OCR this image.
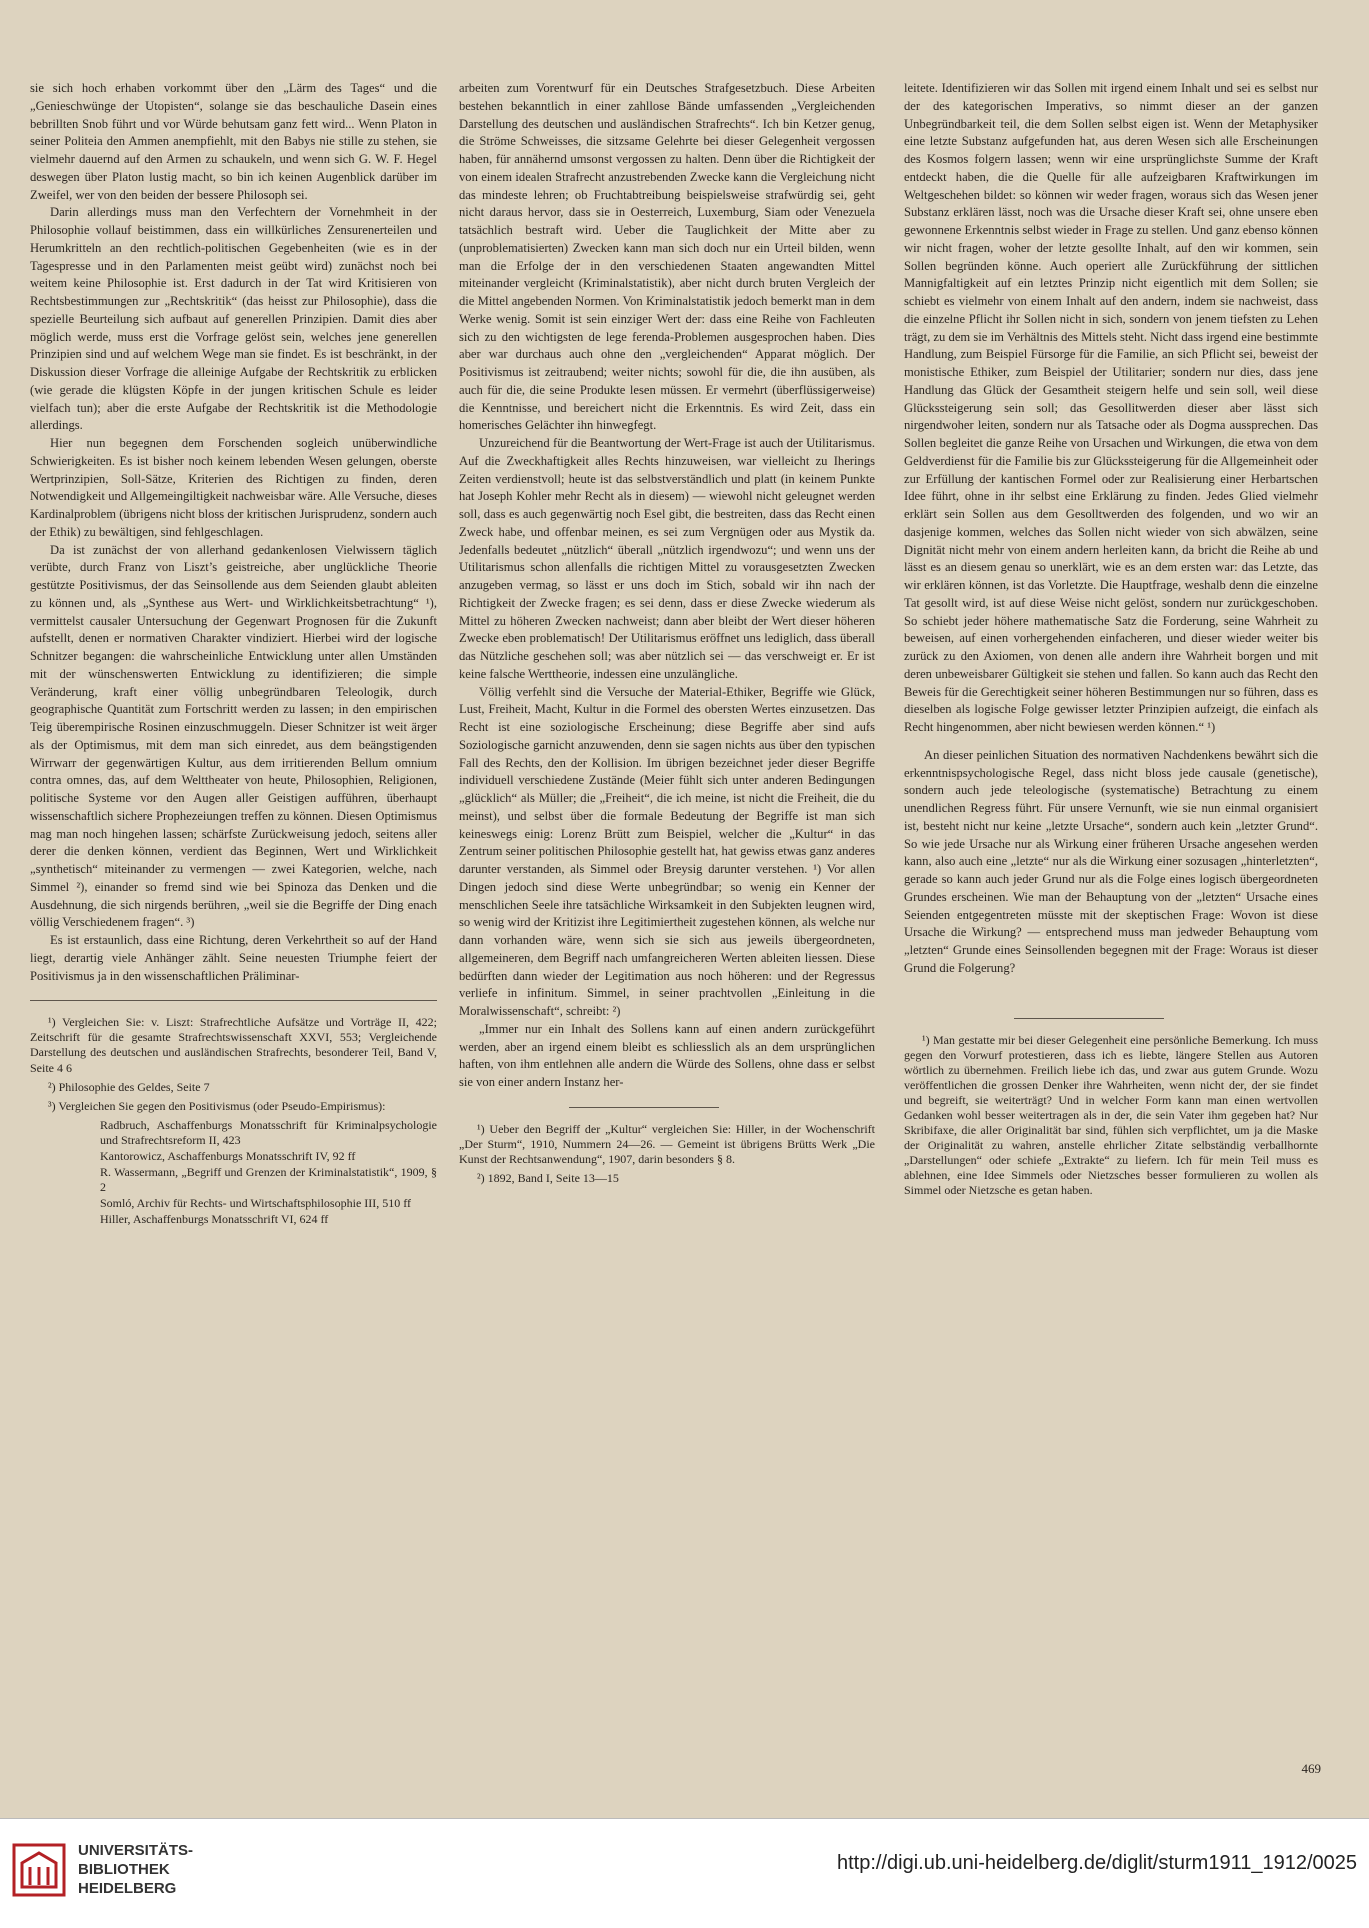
sie sich hoch erhaben vorkommt über den „Lärm des Tages“ und die „Genieschwünge der Utopisten“, solange sie das beschauliche Dasein eines bebrillten Snob führt und vor Würde behutsam ganz fett wird... Wenn Platon in seiner Politeia den Ammen anempfiehlt, mit den Babys nie stille zu stehen, sie vielmehr dauernd auf den Armen zu schaukeln, und wenn sich G. W. F. Hegel deswegen über Platon lustig macht, so bin ich keinen Augenblick darüber im Zweifel, wer von den beiden der bessere Philosoph sei.

Darin allerdings muss man den Verfechtern der Vornehmheit in der Philosophie vollauf beistimmen, dass ein willkürliches Zensurenerteilen und Herumkritteln an den rechtlich-politischen Gegebenheiten (wie es in der Tagespresse und in den Parlamenten meist geübt wird) zunächst noch bei weitem keine Philosophie ist. Erst dadurch in der Tat wird Kritisieren von Rechtsbestimmungen zur „Rechtskritik“ (das heisst zur Philosophie), dass die spezielle Beurteilung sich aufbaut auf generellen Prinzipien. Damit dies aber möglich werde, muss erst die Vorfrage gelöst sein, welches jene generellen Prinzipien sind und auf welchem Wege man sie findet. Es ist beschränkt, in der Diskussion dieser Vorfrage die alleinige Aufgabe der Rechtskritik zu erblicken (wie gerade die klügsten Köpfe in der jungen kritischen Schule es leider vielfach tun); aber die erste Aufgabe der Rechtskritik ist die Methodologie allerdings.

Hier nun begegnen dem Forschenden sogleich unüberwindliche Schwierigkeiten. Es ist bisher noch keinem lebenden Wesen gelungen, oberste Wertprinzipien, Soll-Sätze, Kriterien des Richtigen zu finden, deren Notwendigkeit und Allgemeingiltigkeit nachweisbar wäre. Alle Versuche, dieses Kardinalproblem (übrigens nicht bloss der kritischen Jurisprudenz, sondern auch der Ethik) zu bewältigen, sind fehlgeschlagen.

Da ist zunächst der von allerhand gedankenlosen Vielwissern täglich verübte, durch Franz von Liszt’s geistreiche, aber unglückliche Theorie gestützte Positivismus, der das Seinsollende aus dem Seienden glaubt ableiten zu können und, als „Synthese aus Wert- und Wirklichkeitsbetrachtung“ ¹), vermittelst causaler Untersuchung der Gegenwart Prognosen für die Zukunft aufstellt, denen er normativen Charakter vindiziert. Hierbei wird der logische Schnitzer begangen: die wahrscheinliche Entwicklung unter allen Umständen mit der wünschenswerten Entwicklung zu identifizieren; die simple Veränderung, kraft einer völlig unbegründbaren Teleologik, durch geographische Quantität zum Fortschritt werden zu lassen; in den empirischen Teig überempirische Rosinen einzuschmuggeln. Dieser Schnitzer ist weit ärger als der Optimismus, mit dem man sich einredet, aus dem beängstigenden Wirrwarr der gegenwärtigen Kultur, aus dem irritierenden Bellum omnium contra omnes, das, auf dem Welttheater von heute, Philosophien, Religionen, politische Systeme vor den Augen aller Geistigen aufführen, überhaupt wissenschaftlich sichere Prophezeiungen treffen zu können. Diesen Optimismus mag man noch hingehen lassen; schärfste Zurückweisung jedoch, seitens aller derer die denken können, verdient das Beginnen, Wert und Wirklichkeit „synthetisch“ miteinander zu vermengen — zwei Kategorien, welche, nach Simmel ²), einander so fremd sind wie bei Spinoza das Denken und die Ausdehnung, die sich nirgends berühren, „weil sie die Begriffe der Ding enach völlig Verschiedenem fragen“. ³)

Es ist erstaunlich, dass eine Richtung, deren Verkehrtheit so auf der Hand liegt, derartig viele Anhänger zählt. Seine neuesten Triumphe feiert der Positivismus ja in den wissenschaftlichen Präliminar-

¹) Vergleichen Sie: v. Liszt: Strafrechtliche Aufsätze und Vorträge II, 422; Zeitschrift für die gesamte Strafrechtswissenschaft XXVI, 553; Vergleichende Darstellung des deutschen und ausländischen Strafrechts, besonderer Teil, Band V, Seite 4 6

²) Philosophie des Geldes, Seite 7

³) Vergleichen Sie gegen den Positivismus (oder Pseudo-Empirismus):

Radbruch, Aschaffenburgs Monatsschrift für Kriminalpsychologie und Strafrechtsreform II, 423

Kantorowicz, Aschaffenburgs Monatsschrift IV, 92 ff

R. Wassermann, „Begriff und Grenzen der Kriminalstatistik“, 1909, § 2

Somló, Archiv für Rechts- und Wirtschaftsphilosophie III, 510 ff

Hiller, Aschaffenburgs Monatsschrift VI, 624 ff

arbeiten zum Vorentwurf für ein Deutsches Strafgesetzbuch. Diese Arbeiten bestehen bekanntlich in einer zahllose Bände umfassenden „Vergleichenden Darstellung des deutschen und ausländischen Strafrechts“. Ich bin Ketzer genug, die Ströme Schweisses, die sitzsame Gelehrte bei dieser Gelegenheit vergossen haben, für annähernd umsonst vergossen zu halten. Denn über die Richtigkeit der von einem idealen Strafrecht anzustrebenden Zwecke kann die Vergleichung nicht das mindeste lehren; ob Fruchtabtreibung beispielsweise strafwürdig sei, geht nicht daraus hervor, dass sie in Oesterreich, Luxemburg, Siam oder Venezuela tatsächlich bestraft wird. Ueber die Tauglichkeit der Mitte aber zu (unproblematisierten) Zwecken kann man sich doch nur ein Urteil bilden, wenn man die Erfolge der in den verschiedenen Staaten angewandten Mittel miteinander vergleicht (Kriminalstatistik), aber nicht durch bruten Vergleich der die Mittel angebenden Normen. Von Kriminalstatistik jedoch bemerkt man in dem Werke wenig. Somit ist sein einziger Wert der: dass eine Reihe von Fachleuten sich zu den wichtigsten de lege ferenda-Problemen ausgesprochen haben. Dies aber war durchaus auch ohne den „vergleichenden“ Apparat möglich. Der Positivismus ist zeitraubend; weiter nichts; sowohl für die, die ihn ausüben, als auch für die, die seine Produkte lesen müssen. Er vermehrt (überflüssigerweise) die Kenntnisse, und bereichert nicht die Erkenntnis. Es wird Zeit, dass ein homerisches Gelächter ihn hinwegfegt.

Unzureichend für die Beantwortung der Wert-Frage ist auch der Utilitarismus. Auf die Zweckhaftigkeit alles Rechts hinzuweisen, war vielleicht zu Iherings Zeiten verdienstvoll; heute ist das selbstverständlich und platt (in keinem Punkte hat Joseph Kohler mehr Recht als in diesem) — wiewohl nicht geleugnet werden soll, dass es auch gegenwärtig noch Esel gibt, die bestreiten, dass das Recht einen Zweck habe, und offenbar meinen, es sei zum Vergnügen oder aus Mystik da. Jedenfalls bedeutet „nützlich“ überall „nützlich irgendwozu“; und wenn uns der Utilitarismus schon allenfalls die richtigen Mittel zu vorausgesetzten Zwecken anzugeben vermag, so lässt er uns doch im Stich, sobald wir ihn nach der Richtigkeit der Zwecke fragen; es sei denn, dass er diese Zwecke wiederum als Mittel zu höheren Zwecken nachweist; dann aber bleibt der Wert dieser höheren Zwecke eben problematisch! Der Utilitarismus eröffnet uns lediglich, dass überall das Nützliche geschehen soll; was aber nützlich sei — das verschweigt er. Er ist keine falsche Werttheorie, indessen eine unzulängliche.

Völlig verfehlt sind die Versuche der Material-Ethiker, Begriffe wie Glück, Lust, Freiheit, Macht, Kultur in die Formel des obersten Wertes einzusetzen. Das Recht ist eine soziologische Erscheinung; diese Begriffe aber sind aufs Soziologische garnicht anzuwenden, denn sie sagen nichts aus über den typischen Fall des Rechts, den der Kollision. Im übrigen bezeichnet jeder dieser Begriffe individuell verschiedene Zustände (Meier fühlt sich unter anderen Bedingungen „glücklich“ als Müller; die „Freiheit“, die ich meine, ist nicht die Freiheit, die du meinst), und selbst über die formale Bedeutung der Begriffe ist man sich keineswegs einig: Lorenz Brütt zum Beispiel, welcher die „Kultur“ in das Zentrum seiner politischen Philosophie gestellt hat, hat gewiss etwas ganz anderes darunter verstanden, als Simmel oder Breysig darunter verstehen. ¹) Vor allen Dingen jedoch sind diese Werte unbegründbar; so wenig ein Kenner der menschlichen Seele ihre tatsächliche Wirksamkeit in den Subjekten leugnen wird, so wenig wird der Kritizist ihre Legitimiertheit zugestehen können, als welche nur dann vorhanden wäre, wenn sich sie sich aus jeweils übergeordneten, allgemeineren, dem Begriff nach umfangreicheren Werten ableiten liessen. Diese bedürften dann wieder der Legitimation aus noch höheren: und der Regressus verliefe in infinitum. Simmel, in seiner prachtvollen „Einleitung in die Moralwissenschaft“, schreibt: ²)

„Immer nur ein Inhalt des Sollens kann auf einen andern zurückgeführt werden, aber an irgend einem bleibt es schliesslich als an dem ursprünglichen haften, von ihm entlehnen alle andern die Würde des Sollens, ohne dass er selbst sie von einer andern Instanz her-

¹) Ueber den Begriff der „Kultur“ vergleichen Sie: Hiller, in der Wochenschrift „Der Sturm“, 1910, Nummern 24—26. — Gemeint ist übrigens Brütts Werk „Die Kunst der Rechtsanwendung“, 1907, darin besonders § 8.

²) 1892, Band I, Seite 13—15

leitete. Identifizieren wir das Sollen mit irgend einem Inhalt und sei es selbst nur der des kategorischen Imperativs, so nimmt dieser an der ganzen Unbegründbarkeit teil, die dem Sollen selbst eigen ist. Wenn der Metaphysiker eine letzte Substanz aufgefunden hat, aus deren Wesen sich alle Erscheinungen des Kosmos folgern lassen; wenn wir eine ursprünglichste Summe der Kraft entdeckt haben, die die Quelle für alle aufzeigbaren Kraftwirkungen im Weltgeschehen bildet: so können wir weder fragen, woraus sich das Wesen jener Substanz erklären lässt, noch was die Ursache dieser Kraft sei, ohne unsere eben gewonnene Erkenntnis selbst wieder in Frage zu stellen. Und ganz ebenso können wir nicht fragen, woher der letzte gesollte Inhalt, auf den wir kommen, sein Sollen begründen könne. Auch operiert alle Zurückführung der sittlichen Mannigfaltigkeit auf ein letztes Prinzip nicht eigentlich mit dem Sollen; sie schiebt es vielmehr von einem Inhalt auf den andern, indem sie nachweist, dass die einzelne Pflicht ihr Sollen nicht in sich, sondern von jenem tiefsten zu Lehen trägt, zu dem sie im Verhältnis des Mittels steht. Nicht dass irgend eine bestimmte Handlung, zum Beispiel Fürsorge für die Familie, an sich Pflicht sei, beweist der monistische Ethiker, zum Beispiel der Utilitarier; sondern nur dies, dass jene Handlung das Glück der Gesamtheit steigern helfe und sein soll, weil diese Glückssteigerung sein soll; das Gesollitwerden dieser aber lässt sich nirgendwoher leiten, sondern nur als Tatsache oder als Dogma aussprechen. Das Sollen begleitet die ganze Reihe von Ursachen und Wirkungen, die etwa von dem Geldverdienst für die Familie bis zur Glückssteigerung für die Allgemeinheit oder zur Erfüllung der kantischen Formel oder zur Realisierung einer Herbartschen Idee führt, ohne in ihr selbst eine Erklärung zu finden. Jedes Glied vielmehr erklärt sein Sollen aus dem Gesolltwerden des folgenden, und wo wir an dasjenige kommen, welches das Sollen nicht wieder von sich abwälzen, seine Dignität nicht mehr von einem andern herleiten kann, da bricht die Reihe ab und lässt es an diesem genau so unerklärt, wie es an dem ersten war: das Letzte, das wir erklären können, ist das Vorletzte. Die Hauptfrage, weshalb denn die einzelne Tat gesollt wird, ist auf diese Weise nicht gelöst, sondern nur zurückgeschoben. So schiebt jeder höhere mathematische Satz die Forderung, seine Wahrheit zu beweisen, auf einen vorhergehenden einfacheren, und dieser wieder weiter bis zurück zu den Axiomen, von denen alle andern ihre Wahrheit borgen und mit deren unbeweisbarer Gültigkeit sie stehen und fallen. So kann auch das Recht den Beweis für die Gerechtigkeit seiner höheren Bestimmungen nur so führen, dass es dieselben als logische Folge gewisser letzter Prinzipien aufzeigt, die einfach als Recht hingenommen, aber nicht bewiesen werden können.“ ¹)

An dieser peinlichen Situation des normativen Nachdenkens bewährt sich die erkenntnispsychologische Regel, dass nicht bloss jede causale (genetische), sondern auch jede teleologische (systematische) Betrachtung zu einem unendlichen Regress führt. Für unsere Vernunft, wie sie nun einmal organisiert ist, besteht nicht nur keine „letzte Ursache“, sondern auch kein „letzter Grund“. So wie jede Ursache nur als Wirkung einer früheren Ursache angesehen werden kann, also auch eine „letzte“ nur als die Wirkung einer sozusagen „hinterletzten“, gerade so kann auch jeder Grund nur als die Folge eines logisch übergeordneten Grundes erscheinen. Wie man der Behauptung von der „letzten“ Ursache eines Seienden entgegentreten müsste mit der skeptischen Frage: Wovon ist diese Ursache die Wirkung? — entsprechend muss man jedweder Behauptung vom „letzten“ Grunde eines Seinsollenden begegnen mit der Frage: Woraus ist dieser Grund die Folgerung?

¹) Man gestatte mir bei dieser Gelegenheit eine persönliche Bemerkung. Ich muss gegen den Vorwurf protestieren, dass ich es liebte, längere Stellen aus Autoren wörtlich zu übernehmen. Freilich liebe ich das, und zwar aus gutem Grunde. Wozu veröffentlichen die grossen Denker ihre Wahrheiten, wenn nicht der, der sie findet und begreift, sie weiterträgt? Und in welcher Form kann man einen wertvollen Gedanken wohl besser weitertragen als in der, die sein Vater ihm gegeben hat? Nur Skribifaxe, die aller Originalität bar sind, fühlen sich verpflichtet, um ja die Maske der Originalität zu wahren, anstelle ehrlicher Zitate selbständig verballhornte „Darstellungen“ oder schiefe „Extrakte“ zu liefern. Ich für mein Teil muss es ablehnen, eine Idee Simmels oder Nietzsches besser formulieren zu wollen als Simmel oder Nietzsche es getan haben.

469
UNIVERSITÄTS-
BIBLIOTHEK
HEIDELBERG
http://digi.ub.uni-heidelberg.de/diglit/sturm1911_1912/0025
